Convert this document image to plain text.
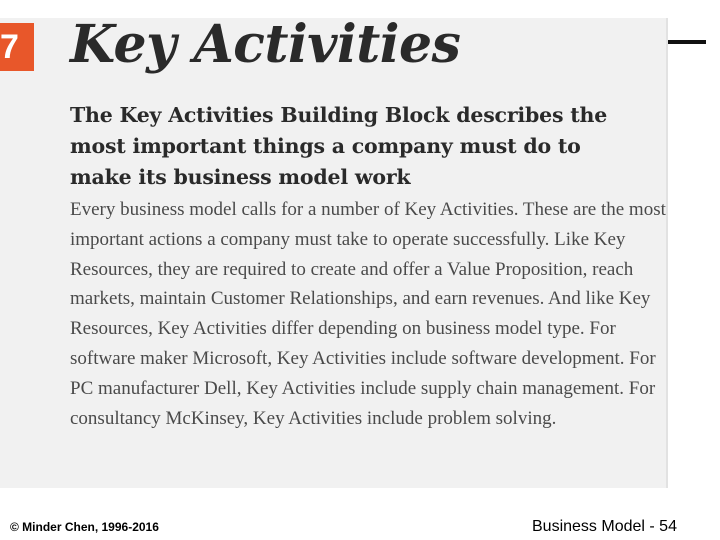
7 Key Activities

The Key Activities Building Block describes the most important things a company must do to make its business model work

Every business model calls for a number of Key Activities. These are the most important actions a company must take to operate successfully. Like Key Resources, they are required to create and offer a Value Proposition, reach markets, maintain Customer Relationships, and earn revenues. And like Key Resources, Key Activities differ depending on business model type. For software maker Microsoft, Key Activities include software development. For PC manufacturer Dell, Key Activities include supply chain management. For consultancy McKinsey, Key Activities include problem solving.

© Minder Chen, 1996-2016	Business Model - 54
